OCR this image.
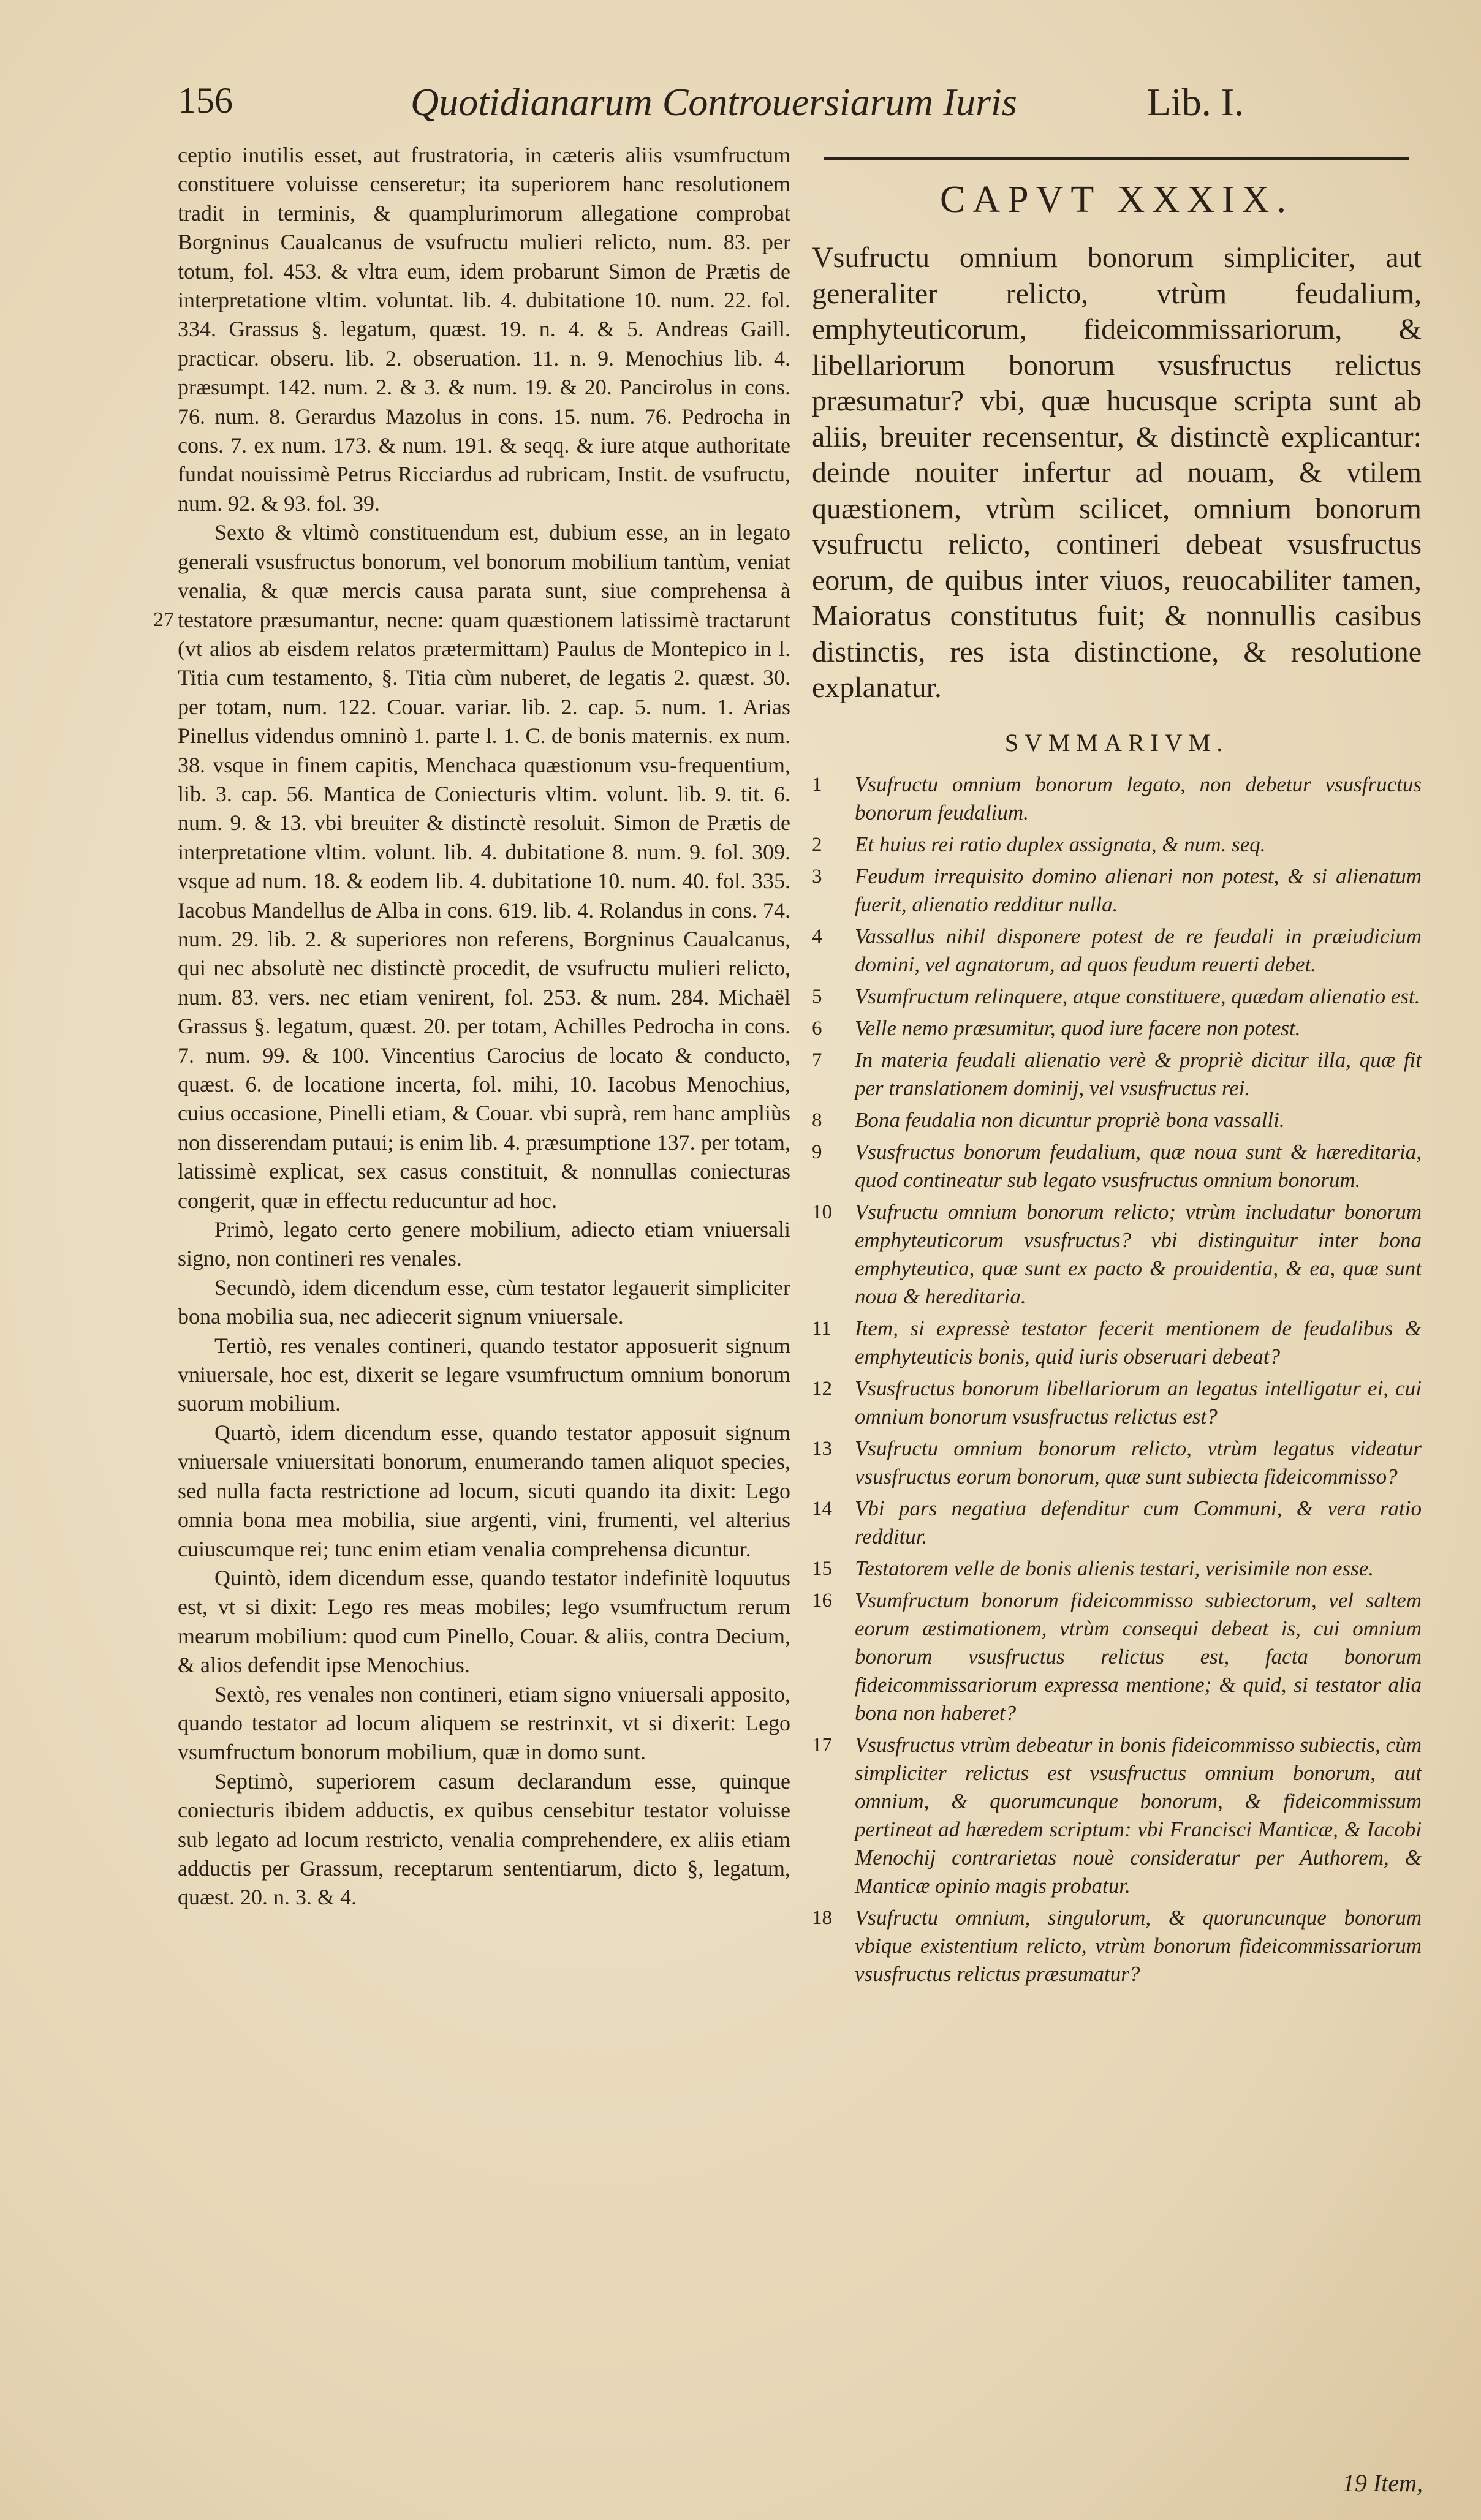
156	Quotidianarum Controuersiarum Iuris	Lib. I.
27

ceptio inutilis esset, aut frustratoria, in cæteris aliis vsumfructum constituere voluisse censeretur; ita superiorem hanc resolutionem tradit in terminis, & quamplurimorum allegatione comprobat Borgninus Caualcanus de vsufructu mulieri relicto, num. 83. per totum, fol. 453. & vltra eum, idem probarunt Simon de Prætis de interpretatione vltim. voluntat. lib. 4. dubitatione 10. num. 22. fol. 334. Grassus §. legatum, quæst. 19. n. 4. & 5. Andreas Gaill. practicar. obseru. lib. 2. obseruation. 11. n. 9. Menochius lib. 4. præsumpt. 142. num. 2. & 3. & num. 19. & 20. Pancirolus in cons. 76. num. 8. Gerardus Mazolus in cons. 15. num. 76. Pedrocha in cons. 7. ex num. 173. & num. 191. & seqq. & iure atque authoritate fundat nouissimè Petrus Ricciardus ad rubricam, Instit. de vsufructu, num. 92. & 93. fol. 39.

Sexto & vltimò constituendum est, dubium esse, an in legato generali vsusfructus bonorum, vel bonorum mobilium tantùm, veniat venalia, & quæ mercis causa parata sunt, siue comprehensa à testatore præsumantur, necne: quam quæstionem latissimè tractarunt (vt alios ab eisdem relatos prætermittam) Paulus de Montepico in l. Titia cum testamento, §. Titia cùm nuberet, de legatis 2. quæst. 30. per totam, num. 122. Couar. variar. lib. 2. cap. 5. num. 1. Arias Pinellus videndus omninò 1. parte l. 1. C. de bonis maternis. ex num. 38. vsque in finem capitis, Menchaca quæstionum vsu-frequentium, lib. 3. cap. 56. Mantica de Coniecturis vltim. volunt. lib. 9. tit. 6. num. 9. & 13. vbi breuiter & distinctè resoluit. Simon de Prætis de interpretatione vltim. volunt. lib. 4. dubitatione 8. num. 9. fol. 309. vsque ad num. 18. & eodem lib. 4. dubitatione 10. num. 40. fol. 335. Iacobus Mandellus de Alba in cons. 619. lib. 4. Rolandus in cons. 74. num. 29. lib. 2. & superiores non referens, Borgninus Caualcanus, qui nec absolutè nec distinctè procedit, de vsufructu mulieri relicto, num. 83. vers. nec etiam venirent, fol. 253. & num. 284. Michaël Grassus §. legatum, quæst. 20. per totam, Achilles Pedrocha in cons. 7. num. 99. & 100. Vincentius Carocius de locato & conducto, quæst. 6. de locatione incerta, fol. mihi, 10. Iacobus Menochius, cuius occasione, Pinelli etiam, & Couar. vbi suprà, rem hanc ampliùs non disserendam putaui; is enim lib. 4. præsumptione 137. per totam, latissimè explicat, sex casus constituit, & nonnullas coniecturas congerit, quæ in effectu reducuntur ad hoc.

Primò, legato certo genere mobilium, adiecto etiam vniuersali signo, non contineri res venales.

Secundò, idem dicendum esse, cùm testator legauerit simpliciter bona mobilia sua, nec adiecerit signum vniuersale.

Tertiò, res venales contineri, quando testator apposuerit signum vniuersale, hoc est, dixerit se legare vsumfructum omnium bonorum suorum mobilium.

Quartò, idem dicendum esse, quando testator apposuit signum vniuersale vniuersitati bonorum, enumerando tamen aliquot species, sed nulla facta restrictione ad locum, sicuti quando ita dixit: Lego omnia bona mea mobilia, siue argenti, vini, frumenti, vel alterius cuiuscumque rei; tunc enim etiam venalia comprehensa dicuntur.

Quintò, idem dicendum esse, quando testator indefinitè loquutus est, vt si dixit: Lego res meas mobiles; lego vsumfructum rerum mearum mobilium: quod cum Pinello, Couar. & aliis, contra Decium, & alios defendit ipse Menochius.

Sextò, res venales non contineri, etiam signo vniuersali apposito, quando testator ad locum aliquem se restrinxit, vt si dixerit: Lego vsumfructum bonorum mobilium, quæ in domo sunt.

Septimò, superiorem casum declarandum esse, quinque coniecturis ibidem adductis, ex quibus censebitur testator voluisse sub legato ad locum restricto, venalia comprehendere, ex aliis etiam adductis per Grassum, receptarum sententiarum, dicto §, legatum, quæst. 20. n. 3. & 4.

CAPVT XXXIX.

Vsufructu omnium bonorum simpliciter, aut generaliter relicto, vtrùm feudalium, emphyteuticorum, fideicommissariorum, & libellariorum bonorum vsusfructus relictus præsumatur? vbi, quæ hucusque scripta sunt ab aliis, breuiter recensentur, & distinctè explicantur: deinde nouiter infertur ad nouam, & vtilem quæstionem, vtrùm scilicet, omnium bonorum vsufructu relicto, contineri debeat vsusfructus eorum, de quibus inter viuos, reuocabiliter tamen, Maioratus constitutus fuit; & nonnullis casibus distinctis, res ista distinctione, & resolutione explanatur.

SVMMARIVM.
1	Vsufructu omnium bonorum legato, non debetur vsusfructus bonorum feudalium.
2	Et huius rei ratio duplex assignata, & num. seq.
3	Feudum irrequisito domino alienari non potest, & si alienatum fuerit, alienatio redditur nulla.
4	Vassallus nihil disponere potest de re feudali in præiudicium domini, vel agnatorum, ad quos feudum reuerti debet.
5	Vsumfructum relinquere, atque constituere, quædam alienatio est.
6	Velle nemo præsumitur, quod iure facere non potest.
7	In materia feudali alienatio verè & propriè dicitur illa, quæ fit per translationem dominij, vel vsusfructus rei.
8	Bona feudalia non dicuntur propriè bona vassalli.
9	Vsusfructus bonorum feudalium, quæ noua sunt & hæreditaria, quod contineatur sub legato vsusfructus omnium bonorum.
10	Vsufructu omnium bonorum relicto; vtrùm includatur bonorum emphyteuticorum vsusfructus? vbi distinguitur inter bona emphyteutica, quæ sunt ex pacto & prouidentia, & ea, quæ sunt noua & hereditaria.
11	Item, si expressè testator fecerit mentionem de feudalibus & emphyteuticis bonis, quid iuris obseruari debeat?
12	Vsusfructus bonorum libellariorum an legatus intelligatur ei, cui omnium bonorum vsusfructus relictus est?
13	Vsufructu omnium bonorum relicto, vtrùm legatus videatur vsusfructus eorum bonorum, quæ sunt subiecta fideicommisso?
14	Vbi pars negatiua defenditur cum Communi, & vera ratio redditur.
15	Testatorem velle de bonis alienis testari, verisimile non esse.
16	Vsumfructum bonorum fideicommisso subiectorum, vel saltem eorum æstimationem, vtrùm consequi debeat is, cui omnium bonorum vsusfructus relictus est, facta bonorum fideicommissariorum expressa mentione; & quid, si testator alia bona non haberet?
17	Vsusfructus vtrùm debeatur in bonis fideicommisso subiectis, cùm simpliciter relictus est vsusfructus omnium bonorum, aut omnium, & quorumcunque bonorum, & fideicommissum pertineat ad hæredem scriptum: vbi Francisci Manticæ, & Iacobi Menochij contrarietas nouè consideratur per Authorem, & Manticæ opinio magis probatur.
18	Vsufructu omnium, singulorum, & quoruncunque bonorum vbique existentium relicto, vtrùm bonorum fideicommissariorum vsusfructus relictus præsumatur?
19 Item,
